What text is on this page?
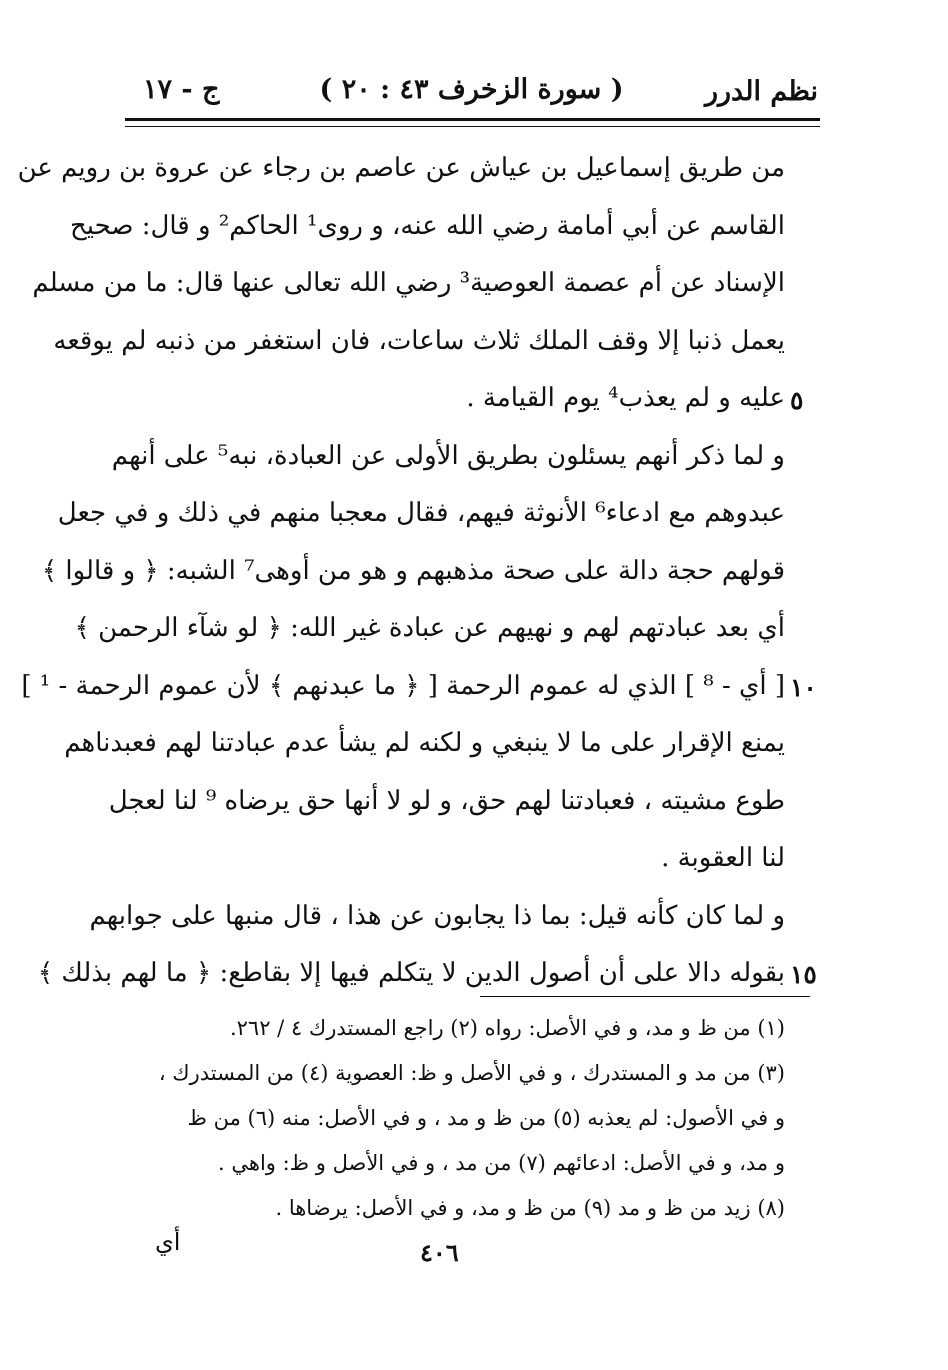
نظم الدرر
( سورة الزخرف ٤٣ : ٢٠ )
ج - ١٧
من طريق إسماعيل بن عياش عن عاصم بن رجاء عن عروة بن رويم عن
القاسم عن أبي أمامة رضي الله عنه، و روى¹ الحاكم² و قال: صحيح
الإسناد عن أم عصمة العوصية³ رضي الله تعالى عنها قال: ما من مسلم
يعمل ذنبا إلا وقف الملك ثلاث ساعات، فان استغفر من ذنبه لم يوقعه
عليه و لم يعذب⁴ يوم القيامة .
و لما ذكر أنهم يسئلون بطريق الأولى عن العبادة، نبه⁵ على أنهم
عبدوهم مع ادعاء⁶ الأنوثة فيهم، فقال معجبا منهم في ذلك و في جعل
قولهم حجة دالة على صحة مذهبهم و هو من أوهى⁷ الشبه: ﴿ و قالوا ﴾
أي بعد عبادتهم لهم و نهيهم عن عبادة غير الله: ﴿ لو شآء الرحمن ﴾
[ أي - ⁸ ] الذي له عموم الرحمة [ ﴿ ما عبدنهم ﴾ لأن عموم الرحمة - ¹ ]
يمنع الإقرار على ما لا ينبغي و لكنه لم يشأ عدم عبادتنا لهم فعبدناهم
طوع مشيته ، فعبادتنا لهم حق، و لو لا أنها حق يرضاه ⁹ لنا لعجل
لنا العقوبة .
و لما كان كأنه قيل: بما ذا يجابون عن هذا ، قال منبها على جوابهم
بقوله دالا على أن أصول الدين لا يتكلم فيها إلا بقاطع: ﴿ ما لهم بذلك ﴾
٥
١٠
١٥
(١) من ظ و مد، و في الأصل: رواه (٢) راجع المستدرك ٤ / ٢٦٢.
(٣) من مد و المستدرك ، و في الأصل و ظ: العصوية (٤) من المستدرك ،
و في الأصول: لم يعذبه (٥) من ظ و مد ، و في الأصل: منه (٦) من ظ
و مد، و في الأصل: ادعائهم (٧) من مد ، و في الأصل و ظ: واهي .
(٨) زيد من ظ و مد (٩) من ظ و مد، و في الأصل: يرضاها .
أي	٤٠٦
